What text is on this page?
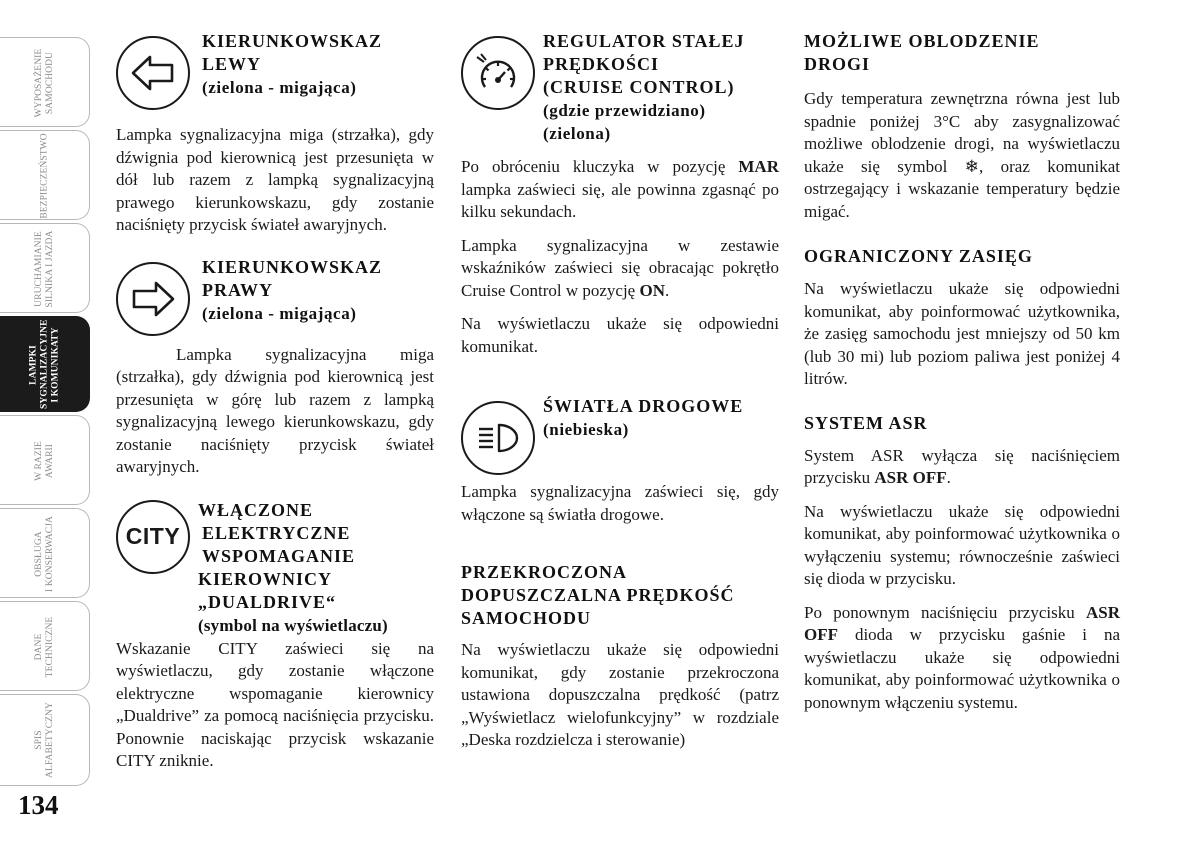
WYPOSAŻENIE
SAMOCHODU
BEZPIECZEŃSTWO
URUCHAMIANIE
SILNIKA I JAZDA
LAMPKI
SYGNALIZACYJNE
I KOMUNIKATY
W RAZIE
AWARII
OBSŁUGA
I KONSERWACJA
DANE
TECHNICZNE
SPIS
ALFABETYCZNY
134
KIERUNKOWSKAZ
LEWY
(zielona - migająca)

Lampka sygnalizacyjna miga (strzałka), gdy dźwignia pod kierownicą jest przesunięta w dół lub razem z lampką sygnalizacyjną prawego kierunkowskazu, gdy zostanie naciśnięty przycisk świateł awaryjnych.

KIERUNKOWSKAZ
PRAWY
(zielona - migająca)

Lampka sygnalizacyjna miga (strzałka), gdy dźwignia pod kierownicą jest przesunięta w górę lub razem z lampką sygnalizacyjną lewego kierunkowskazu, gdy zostanie naciśnięty przycisk świateł awaryjnych.

CITY
WŁĄCZONE
ELEKTRYCZNE
WSPOMAGANIE
KIEROWNICY
„DUALDRIVE“
(symbol na wyświetlaczu)

Wskazanie CITY zaświeci się na wyświetlaczu, gdy zostanie włączone elektryczne wspomaganie kierownicy „Dualdrive” za pomocą naciśnięcia przycisku. Ponownie naciskając przycisk wskazanie CITY zniknie.

REGULATOR STAŁEJ
PRĘDKOŚCI
(CRUISE CONTROL)
(gdzie przewidziano)
(zielona)

Po obróceniu kluczyka w pozycję MAR lampka zaświeci się, ale powinna zgasnąć po kilku sekundach.

Lampka sygnalizacyjna w zestawie wskaźników zaświeci się obracając pokrętło Cruise Control w pozycję ON.

Na wyświetlaczu ukaże się odpowiedni komunikat.

ŚWIATŁA DROGOWE
(niebieska)

Lampka sygnalizacyjna zaświeci się, gdy włączone są światła drogowe.

PRZEKROCZONA
DOPUSZCZALNA PRĘDKOŚĆ
SAMOCHODU

Na wyświetlaczu ukaże się odpowiedni komunikat, gdy zostanie przekroczona ustawiona dopuszczalna prędkość (patrz „Wyświetlacz wielofunkcyjny” w rozdziale „Deska rozdzielcza i sterowanie)

MOŻLIWE OBLODZENIE
DROGI

Gdy temperatura zewnętrzna równa jest lub spadnie poniżej 3°C aby zasygnalizować możliwe oblodzenie drogi, na wyświetlaczu ukaże się symbol ❄, oraz komunikat ostrzegający i wskazanie temperatury będzie migać.

OGRANICZONY ZASIĘG

Na wyświetlaczu ukaże się odpowiedni komunikat, aby poinformować użytkownika, że zasięg samochodu jest mniejszy od 50 km (lub 30 mi) lub poziom paliwa jest poniżej 4 litrów.

SYSTEM ASR

System ASR wyłącza się naciśnięciem przycisku ASR OFF.

Na wyświetlaczu ukaże się odpowiedni komunikat, aby poinformować użytkownika o wyłączeniu systemu; równocześnie zaświeci się dioda w przycisku.

Po ponownym naciśnięciu przycisku ASR OFF dioda w przycisku gaśnie i na wyświetlaczu ukaże się odpowiedni komunikat, aby poinformować użytkownika o ponownym włączeniu systemu.
